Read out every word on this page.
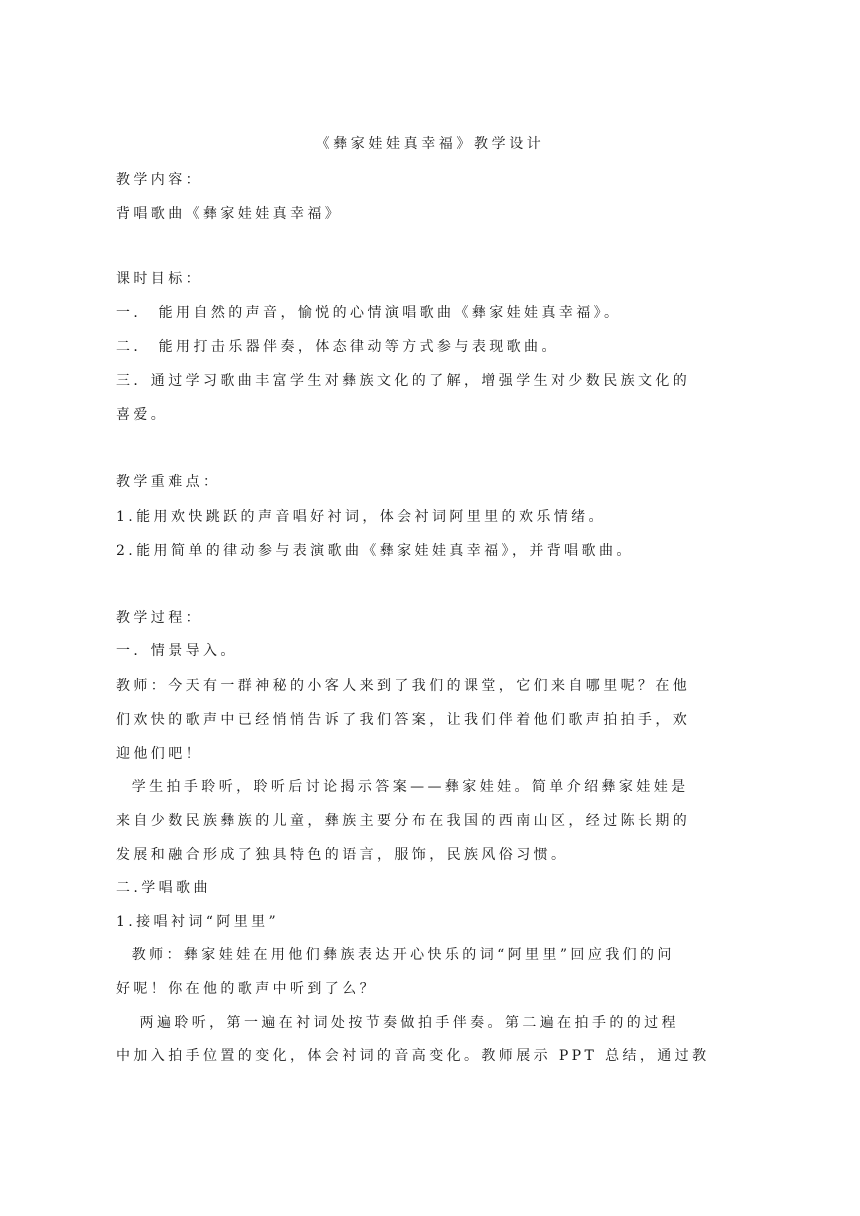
《彝家娃娃真幸福》教学设计
教学内容：
背唱歌曲《彝家娃娃真幸福》
课时目标：
一． 能用自然的声音，愉悦的心情演唱歌曲《彝家娃娃真幸福》。
二． 能用打击乐器伴奏，体态律动等方式参与表现歌曲。
三．通过学习歌曲丰富学生对彝族文化的了解，增强学生对少数民族文化的
喜爱。
教学重难点：
1.能用欢快跳跃的声音唱好衬词，体会衬词阿里里的欢乐情绪。
2.能用简单的律动参与表演歌曲《彝家娃娃真幸福》，并背唱歌曲。
教学过程：
一．情景导入。
教师：今天有一群神秘的小客人来到了我们的课堂，它们来自哪里呢？在他
们欢快的歌声中已经悄悄告诉了我们答案，让我们伴着他们歌声拍拍手，欢
迎他们吧！
学生拍手聆听，聆听后讨论揭示答案——彝家娃娃。简单介绍彝家娃娃是
来自少数民族彝族的儿童，彝族主要分布在我国的西南山区，经过陈长期的
发展和融合形成了独具特色的语言，服饰，民族风俗习惯。
二.学唱歌曲
1.接唱衬词“阿里里”
教师：彝家娃娃在用他们彝族表达开心快乐的词“阿里里”回应我们的问
好呢！你在他的歌声中听到了么？
两遍聆听，第一遍在衬词处按节奏做拍手伴奏。第二遍在拍手的的过程
中加入拍手位置的变化，体会衬词的音高变化。教师展示 PPT 总结，通过教
